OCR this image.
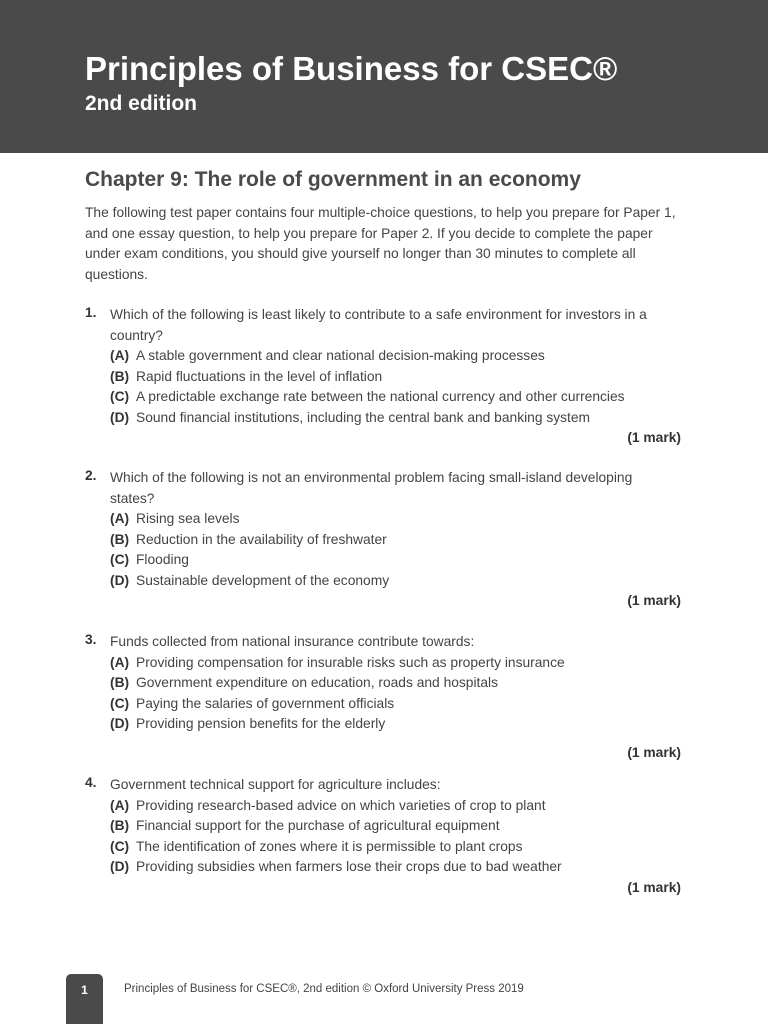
Principles of Business for CSEC®
2nd edition
Chapter 9: The role of government in an economy

The following test paper contains four multiple-choice questions, to help you prepare for Paper 1, and one essay question, to help you prepare for Paper 2. If you decide to complete the paper under exam conditions, you should give yourself no longer than 30 minutes to complete all questions.

1. Which of the following is least likely to contribute to a safe environment for investors in a country?
(A) A stable government and clear national decision-making processes
(B) Rapid fluctuations in the level of inflation
(C) A predictable exchange rate between the national currency and other currencies
(D) Sound financial institutions, including the central bank and banking system
(1 mark)
2. Which of the following is not an environmental problem facing small-island developing states?
(A) Rising sea levels
(B) Reduction in the availability of freshwater
(C) Flooding
(D) Sustainable development of the economy
(1 mark)
3. Funds collected from national insurance contribute towards:
(A) Providing compensation for insurable risks such as property insurance
(B) Government expenditure on education, roads and hospitals
(C) Paying the salaries of government officials
(D) Providing pension benefits for the elderly
(1 mark)
4. Government technical support for agriculture includes:
(A) Providing research-based advice on which varieties of crop to plant
(B) Financial support for the purchase of agricultural equipment
(C) The identification of zones where it is permissible to plant crops
(D) Providing subsidies when farmers lose their crops due to bad weather
(1 mark)
1	Principles of Business for CSEC®, 2nd edition © Oxford University Press 2019
